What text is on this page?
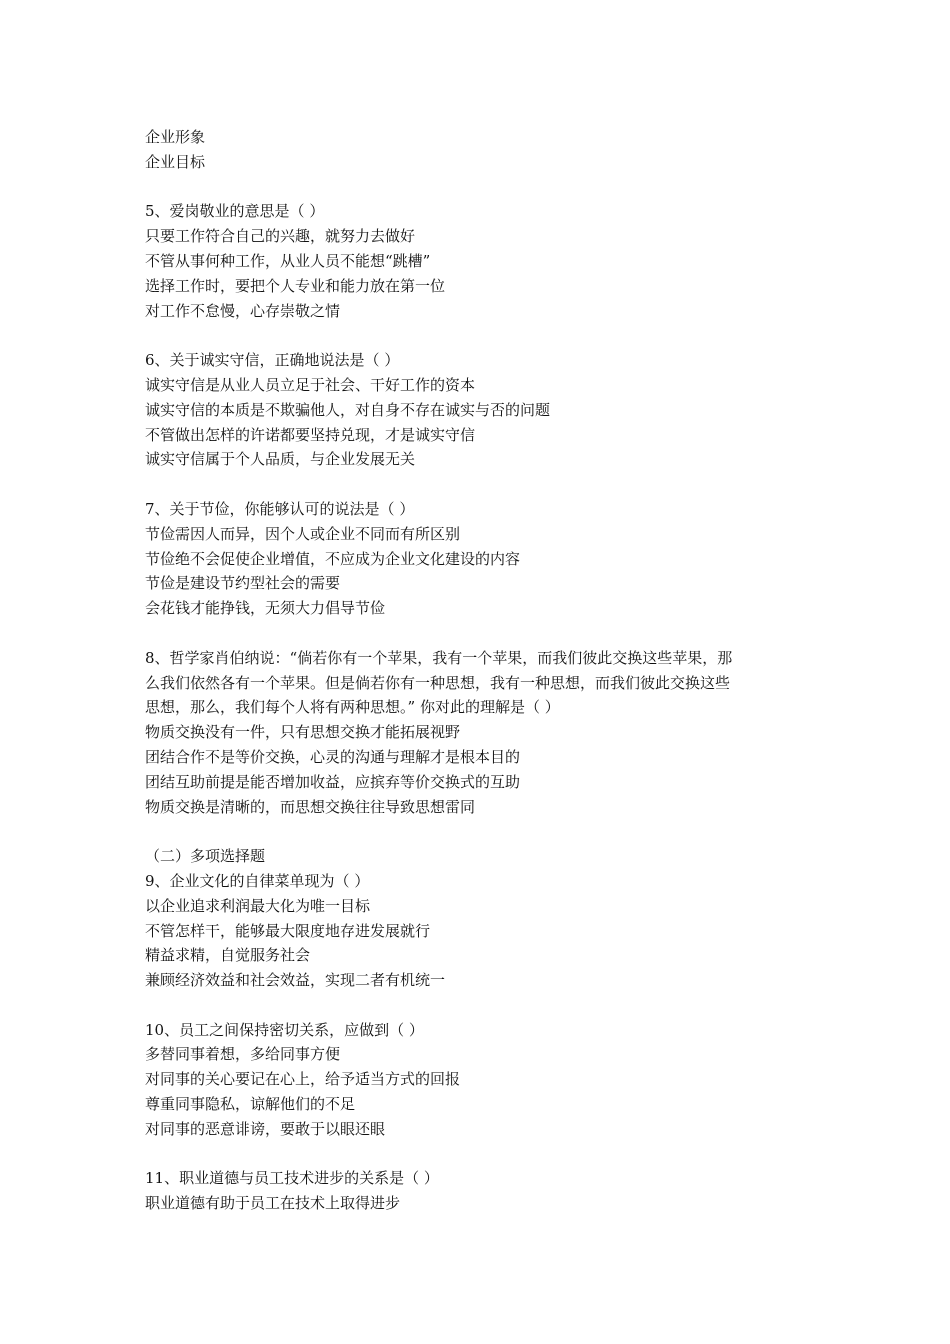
企业形象
企业目标
5、爱岗敬业的意思是（ ）
只要工作符合自己的兴趣，就努力去做好
不管从事何种工作，从业人员不能想“跳槽”
选择工作时，要把个人专业和能力放在第一位
对工作不怠慢，心存崇敬之情
6、关于诚实守信，正确地说法是（ ）
诚实守信是从业人员立足于社会、干好工作的资本
诚实守信的本质是不欺骗他人，对自身不存在诚实与否的问题
不管做出怎样的许诺都要坚持兑现，才是诚实守信
诚实守信属于个人品质，与企业发展无关
7、关于节俭，你能够认可的说法是（ ）
节俭需因人而异，因个人或企业不同而有所区别
节俭绝不会促使企业增值，不应成为企业文化建设的内容
节俭是建设节约型社会的需要
会花钱才能挣钱，无须大力倡导节俭
8、哲学家肖伯纳说：“倘若你有一个苹果，我有一个苹果，而我们彼此交换这些苹果，那
么我们依然各有一个苹果。但是倘若你有一种思想，我有一种思想，而我们彼此交换这些
思想，那么，我们每个人将有两种思想。” 你对此的理解是（ ）
物质交换没有一件，只有思想交换才能拓展视野
团结合作不是等价交换，心灵的沟通与理解才是根本目的
团结互助前提是能否增加收益，应摈弃等价交换式的互助
物质交换是清晰的，而思想交换往往导致思想雷同
（二）多项选择题
9、企业文化的自律菜单现为（ ）
以企业追求利润最大化为唯一目标
不管怎样干，能够最大限度地存进发展就行
精益求精，自觉服务社会
兼顾经济效益和社会效益，实现二者有机统一
10、员工之间保持密切关系，应做到（ ）
多替同事着想，多给同事方便
对同事的关心要记在心上，给予适当方式的回报
尊重同事隐私，谅解他们的不足
对同事的恶意诽谤，要敢于以眼还眼
11、职业道德与员工技术进步的关系是（ ）
职业道德有助于员工在技术上取得进步
